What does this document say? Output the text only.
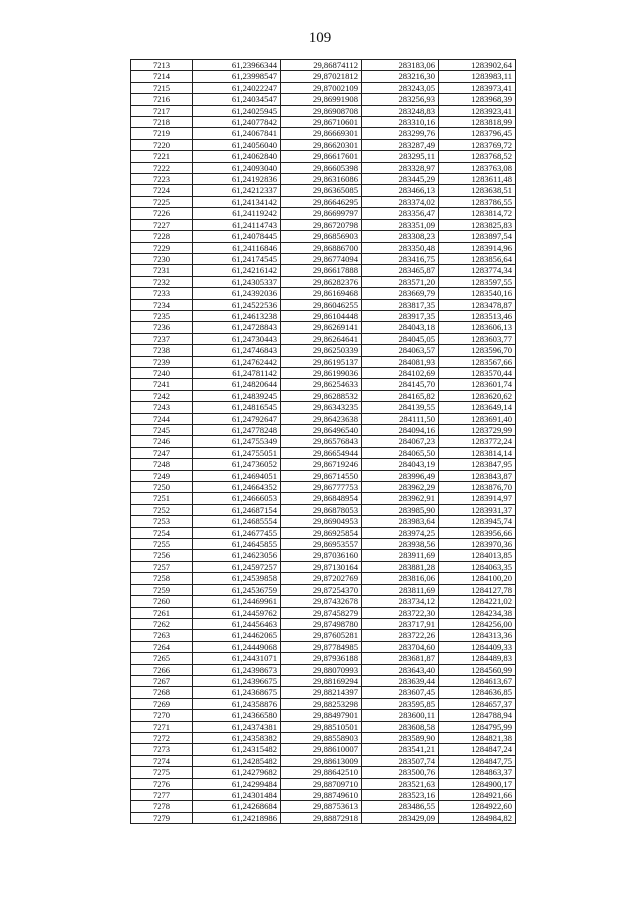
109
7213	61,23966344	29,86874112	283183,06	1283902,64
7214	61,23998547	29,87021812	283216,30	1283983,11
7215	61,24022247	29,87002109	283243,05	1283973,41
7216	61,24034547	29,86991908	283256,93	1283968,39
7217	61,24025945	29,86908708	283248,83	1283923,41
7218	61,24077842	29,86710601	283310,16	1283818,99
7219	61,24067841	29,86669301	283299,76	1283796,45
7220	61,24056040	29,86620301	283287,49	1283769,72
7221	61,24062840	29,86617601	283295,11	1283768,52
7222	61,24093040	29,86605398	283328,97	1283763,08
7223	61,24192836	29,86316086	283445,29	1283611,48
7224	61,24212337	29,86365085	283466,13	1283638,51
7225	61,24134142	29,86646295	283374,02	1283786,55
7226	61,24119242	29,86699797	283356,47	1283814,72
7227	61,24114743	29,86720798	283351,09	1283825,83
7228	61,24078445	29,86856903	283308,23	1283897,54
7229	61,24116846	29,86886700	283350,48	1283914,96
7230	61,24174545	29,86774094	283416,75	1283856,64
7231	61,24216142	29,86617888	283465,87	1283774,34
7232	61,24305337	29,86282376	283571,20	1283597,55
7233	61,24392036	29,86169468	283669,79	1283540,16
7234	61,24522536	29,86046255	283817,35	1283478,87
7235	61,24613238	29,86104448	283917,35	1283513,46
7236	61,24728843	29,86269141	284043,18	1283606,13
7237	61,24730443	29,86264641	284045,05	1283603,77
7238	61,24746843	29,86250339	284063,57	1283596,70
7239	61,24762442	29,86195137	284081,93	1283567,66
7240	61,24781142	29,86199036	284102,69	1283570,44
7241	61,24820644	29,86254633	284145,70	1283601,74
7242	61,24839245	29,86288532	284165,82	1283620,62
7243	61,24816545	29,86343235	284139,55	1283649,14
7244	61,24792647	29,86423638	284111,50	1283691,40
7245	61,24778248	29,86496540	284094,16	1283729,99
7246	61,24755349	29,86576843	284067,23	1283772,24
7247	61,24755051	29,86654944	284065,50	1283814,14
7248	61,24736052	29,86719246	284043,19	1283847,95
7249	61,24694051	29,86714550	283996,49	1283843,87
7250	61,24664352	29,86777753	283962,29	1283876,70
7251	61,24666053	29,86848954	283962,91	1283914,97
7252	61,24687154	29,86878053	283985,90	1283931,37
7253	61,24685554	29,86904953	283983,64	1283945,74
7254	61,24677455	29,86925854	283974,25	1283956,66
7255	61,24645855	29,86953557	283938,56	1283970,36
7256	61,24623056	29,87036160	283911,69	1284013,85
7257	61,24597257	29,87130164	283881,28	1284063,35
7258	61,24539858	29,87202769	283816,06	1284100,20
7259	61,24536759	29,87254370	283811,69	1284127,78
7260	61,24469961	29,87432678	283734,12	1284221,02
7261	61,24459762	29,87458279	283722,30	1284234,38
7262	61,24456463	29,87498780	283717,91	1284256,00
7263	61,24462065	29,87605281	283722,26	1284313,36
7264	61,24449068	29,87784985	283704,60	1284409,33
7265	61,24431071	29,87936188	283681,87	1284489,83
7266	61,24398673	29,88070993	283643,40	1284560,99
7267	61,24396675	29,88169294	283639,44	1284613,67
7268	61,24368675	29,88214397	283607,45	1284636,85
7269	61,24358876	29,88253298	283595,85	1284657,37
7270	61,24366580	29,88497901	283600,11	1284788,94
7271	61,24374381	29,88510501	283608,58	1284795,99
7272	61,24358382	29,88558903	283589,90	1284821,38
7273	61,24315482	29,88610007	283541,21	1284847,24
7274	61,24285482	29,88613009	283507,74	1284847,75
7275	61,24279682	29,88642510	283500,76	1284863,37
7276	61,24299484	29,88709710	283521,63	1284900,17
7277	61,24301484	29,88749610	283523,16	1284921,66
7278	61,24268684	29,88753613	283486,55	1284922,60
7279	61,24218986	29,88872918	283429,09	1284984,82
